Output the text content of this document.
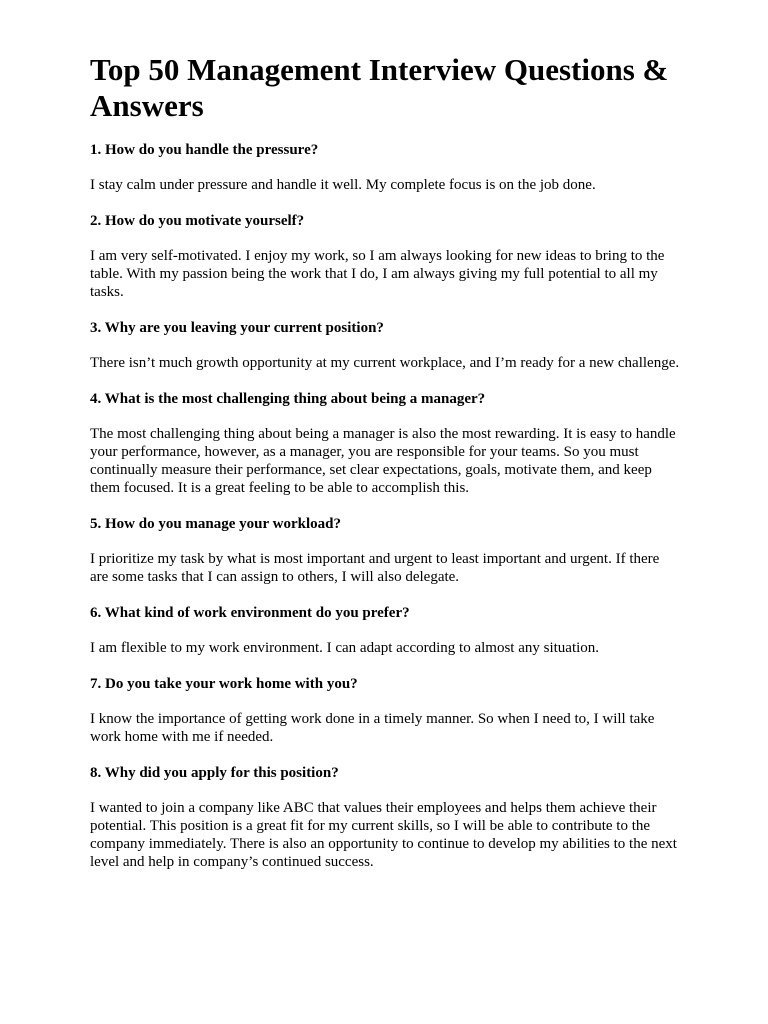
Top 50 Management Interview Questions & Answers

1. How do you handle the pressure?

I stay calm under pressure and handle it well. My complete focus is on the job done.

2. How do you motivate yourself?

I am very self-motivated. I enjoy my work, so I am always looking for new ideas to bring to the table. With my passion being the work that I do, I am always giving my full potential to all my tasks.

3. Why are you leaving your current position?

There isn’t much growth opportunity at my current workplace, and I’m ready for a new challenge.

4. What is the most challenging thing about being a manager?

The most challenging thing about being a manager is also the most rewarding. It is easy to handle your performance, however, as a manager, you are responsible for your teams. So you must continually measure their performance, set clear expectations, goals, motivate them, and keep them focused. It is a great feeling to be able to accomplish this.

5. How do you manage your workload?

I prioritize my task by what is most important and urgent to least important and urgent. If there are some tasks that I can assign to others, I will also delegate.

6. What kind of work environment do you prefer?

I am flexible to my work environment. I can adapt according to almost any situation.

7. Do you take your work home with you?

I know the importance of getting work done in a timely manner. So when I need to, I will take work home with me if needed.

8. Why did you apply for this position?

I wanted to join a company like ABC that values their employees and helps them achieve their potential. This position is a great fit for my current skills, so I will be able to contribute to the company immediately. There is also an opportunity to continue to develop my abilities to the next level and help in company’s continued success.
